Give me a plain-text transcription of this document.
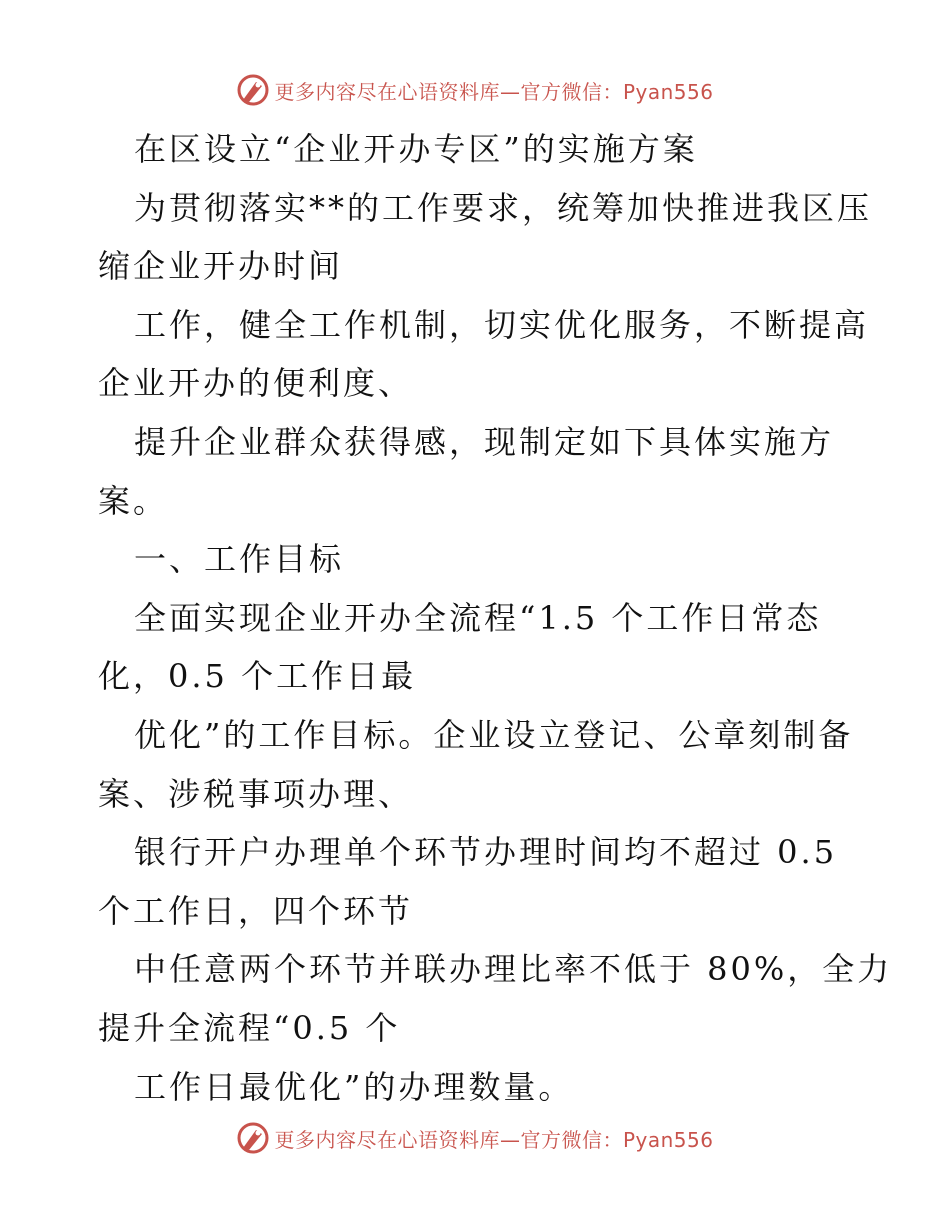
更多内容尽在心语资料库—官方微信：Pyan556
在区设立“企业开办专区”的实施方案
为贯彻落实**的工作要求，统筹加快推进我区压
缩企业开办时间
工作，健全工作机制，切实优化服务，不断提高
企业开办的便利度、
提升企业群众获得感，现制定如下具体实施方
案。
一、工作目标
全面实现企业开办全流程“1.5 个工作日常态
化，0.5 个工作日最
优化”的工作目标。企业设立登记、公章刻制备
案、涉税事项办理、
银行开户办理单个环节办理时间均不超过 0.5
个工作日，四个环节
中任意两个环节并联办理比率不低于 80%，全力
提升全流程“0.5 个
工作日最优化”的办理数量。
更多内容尽在心语资料库—官方微信：Pyan556
